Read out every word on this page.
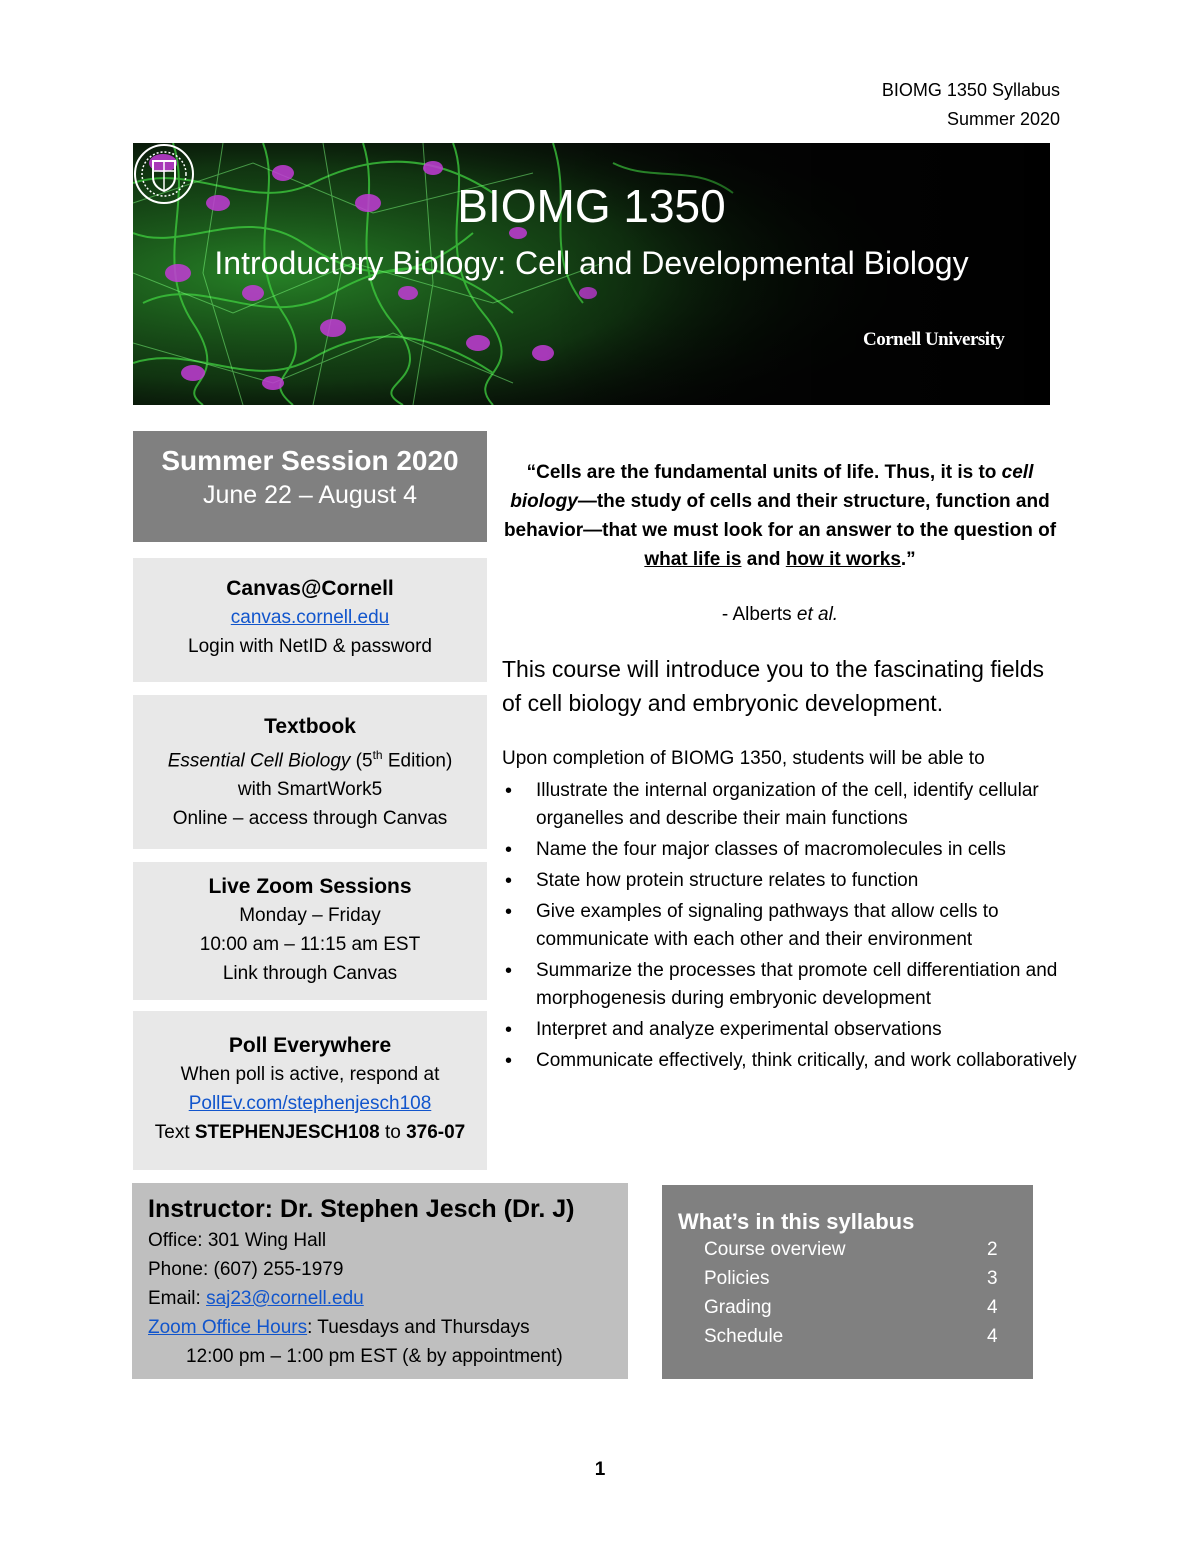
BIOMG 1350 Syllabus
Summer 2020
BIOMG 1350
Introductory Biology: Cell and Developmental Biology
Cornell University
Summer Session 2020
June 22 – August 4
Canvas@Cornell
canvas.cornell.edu
Login with NetID & password
Textbook
Essential Cell Biology (5th Edition)
with SmartWork5
Online – access through Canvas
Live Zoom Sessions
Monday – Friday
10:00 am – 11:15 am EST
Link through Canvas
Poll Everywhere
When poll is active, respond at
PollEv.com/stephenjesch108
Text STEPHENJESCH108 to 376-07
“Cells are the fundamental units of life. Thus, it is to cell biology—the study of cells and their structure, function and behavior—that we must look for an answer to the question of what life is and how it works.”
- Alberts et al.
This course will introduce you to the fascinating fields of cell biology and embryonic development.
Upon completion of BIOMG 1350, students will be able to
• Illustrate the internal organization of the cell, identify cellular organelles and describe their main functions
• Name the four major classes of macromolecules in cells
• State how protein structure relates to function
• Give examples of signaling pathways that allow cells to communicate with each other and their environment
• Summarize the processes that promote cell differentiation and morphogenesis during embryonic development
• Interpret and analyze experimental observations
• Communicate effectively, think critically, and work collaboratively
Instructor: Dr. Stephen Jesch (Dr. J)
Office: 301 Wing Hall
Phone: (607) 255-1979
Email: saj23@cornell.edu
Zoom Office Hours: Tuesdays and Thursdays
12:00 pm – 1:00 pm EST (& by appointment)
What’s in this syllabus
Course overview	2
Policies	3
Grading	4
Schedule	4
1
